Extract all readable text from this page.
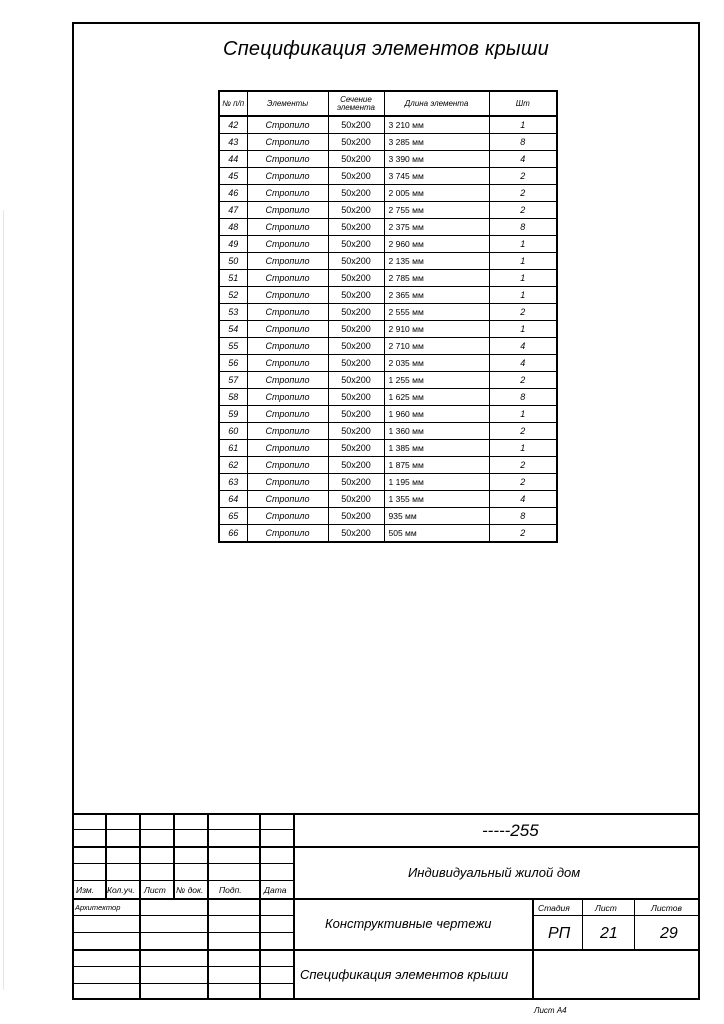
Спецификация элементов крыши
№ п/п	Элементы	Сечение элемента	Длина элемента	Шт
42	Стропило	50x200	3 210 мм	1
43	Стропило	50x200	3 285 мм	8
44	Стропило	50x200	3 390 мм	4
45	Стропило	50x200	3 745 мм	2
46	Стропило	50x200	2 005 мм	2
47	Стропило	50x200	2 755 мм	2
48	Стропило	50x200	2 375 мм	8
49	Стропило	50x200	2 960 мм	1
50	Стропило	50x200	2 135 мм	1
51	Стропило	50x200	2 785 мм	1
52	Стропило	50x200	2 365 мм	1
53	Стропило	50x200	2 555 мм	2
54	Стропило	50x200	2 910 мм	1
55	Стропило	50x200	2 710 мм	4
56	Стропило	50x200	2 035 мм	4
57	Стропило	50x200	1 255 мм	2
58	Стропило	50x200	1 625 мм	8
59	Стропило	50x200	1 960 мм	1
60	Стропило	50x200	1 360 мм	2
61	Стропило	50x200	1 385 мм	1
62	Стропило	50x200	1 875 мм	2
63	Стропило	50x200	1 195 мм	2
64	Стропило	50x200	1 355 мм	4
65	Стропило	50x200	935 мм	8
66	Стропило	50x200	505 мм	2
-----255
Индивидуальный жилой дом
Изм. Кол.уч. Лист № док. Подп.	Дата
Архитектор
Конструктивные чертежи
Спецификация элементов крыши
Стадия	Лист	Листов
РП 21	29
Лист А4
